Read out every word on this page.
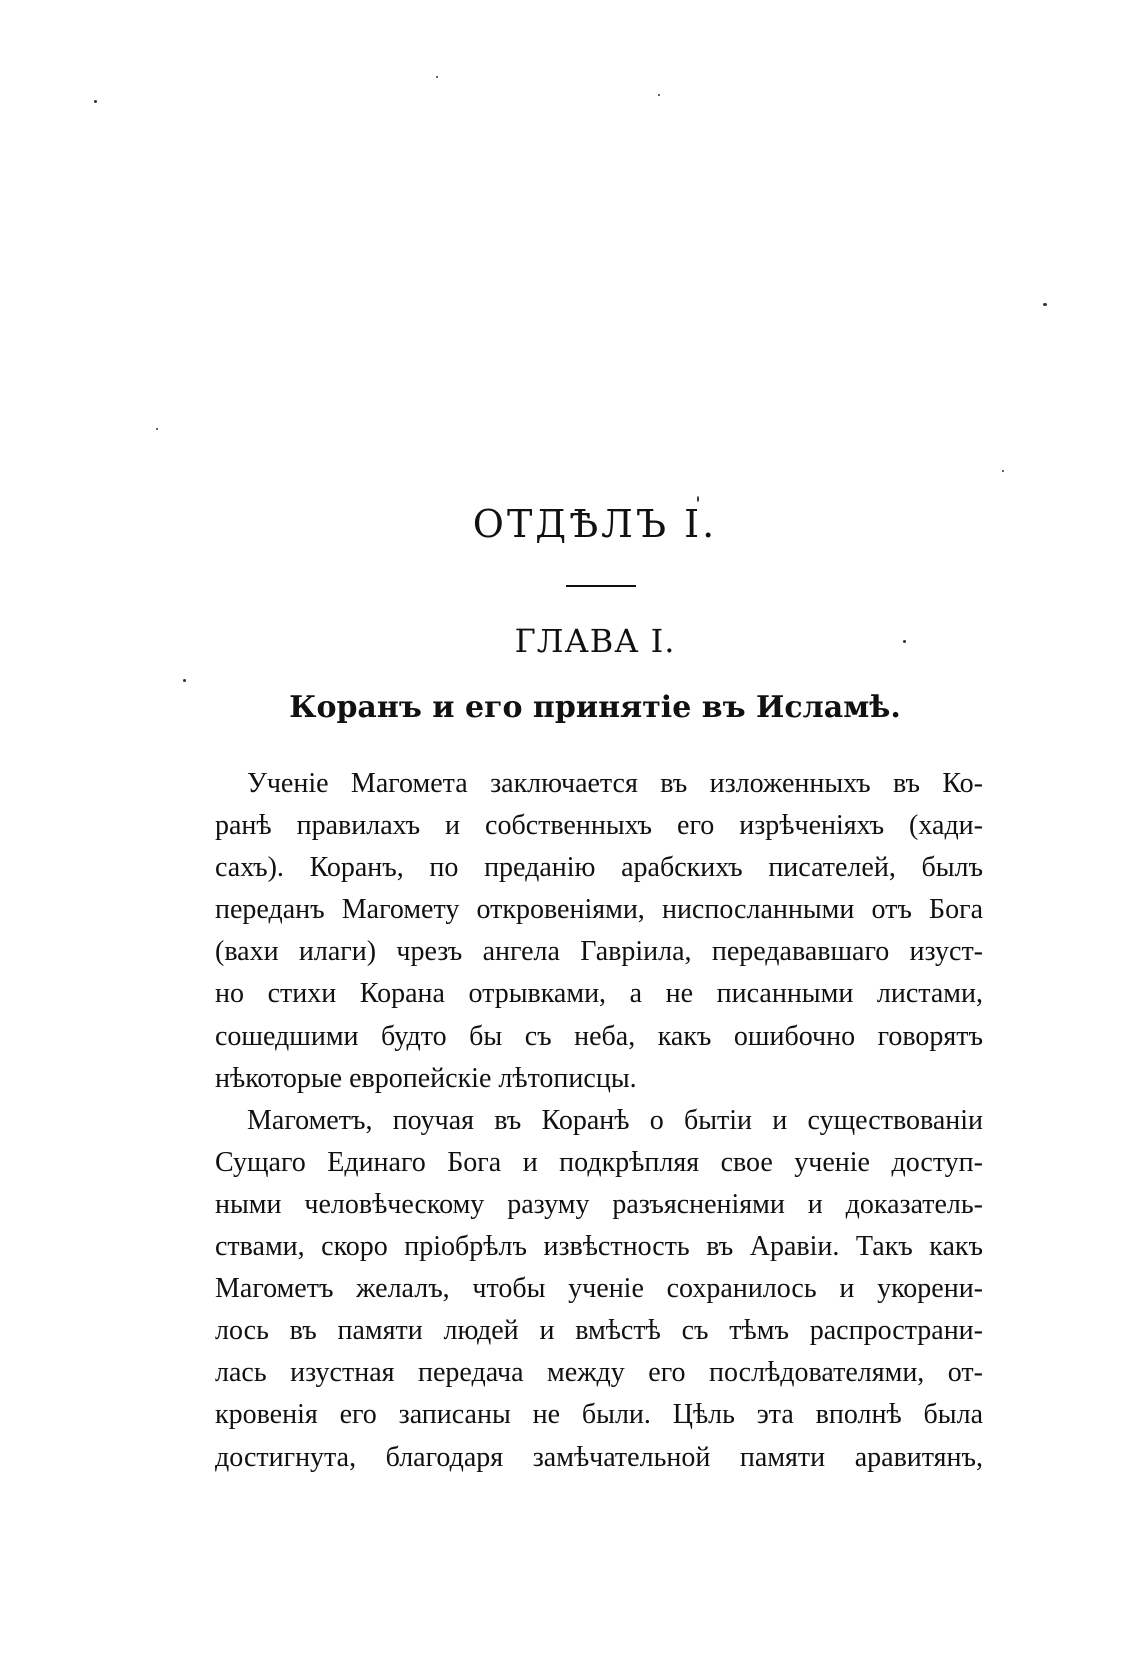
ОТДѢЛЪ I.
ГЛАВА I.
Коранъ и его принятіе въ Исламѣ.
Ученіе Магомета заключается въ изложенныхъ въ Ко-
ранѣ правилахъ и собственныхъ его изрѣченіяхъ (хади-
сахъ). Коранъ, по преданію арабскихъ писателей, былъ
переданъ Магомету откровеніями, ниспосланными отъ Бога
(вахи илаги) чрезъ ангела Гавріила, передававшаго изуст-
но стихи Корана отрывками, а не писанными листами,
сошедшими будто бы съ неба, какъ ошибочно говорятъ
нѣкоторые европейскіе лѣтописцы.
Магометъ, поучая въ Коранѣ о бытіи и существованіи
Сущаго Единаго Бога и подкрѣпляя свое ученіе доступ-
ными человѣческому разуму разъясненіями и доказатель-
ствами, скоро пріобрѣлъ извѣстность въ Аравіи. Такъ какъ
Магометъ желалъ, чтобы ученіе сохранилось и укорени-
лось въ памяти людей и вмѣстѣ съ тѣмъ распространи-
лась изустная передача между его послѣдователями, от-
кровенія его записаны не были. Цѣль эта вполнѣ была
достигнута, благодаря замѣчательной памяти аравитянъ,
